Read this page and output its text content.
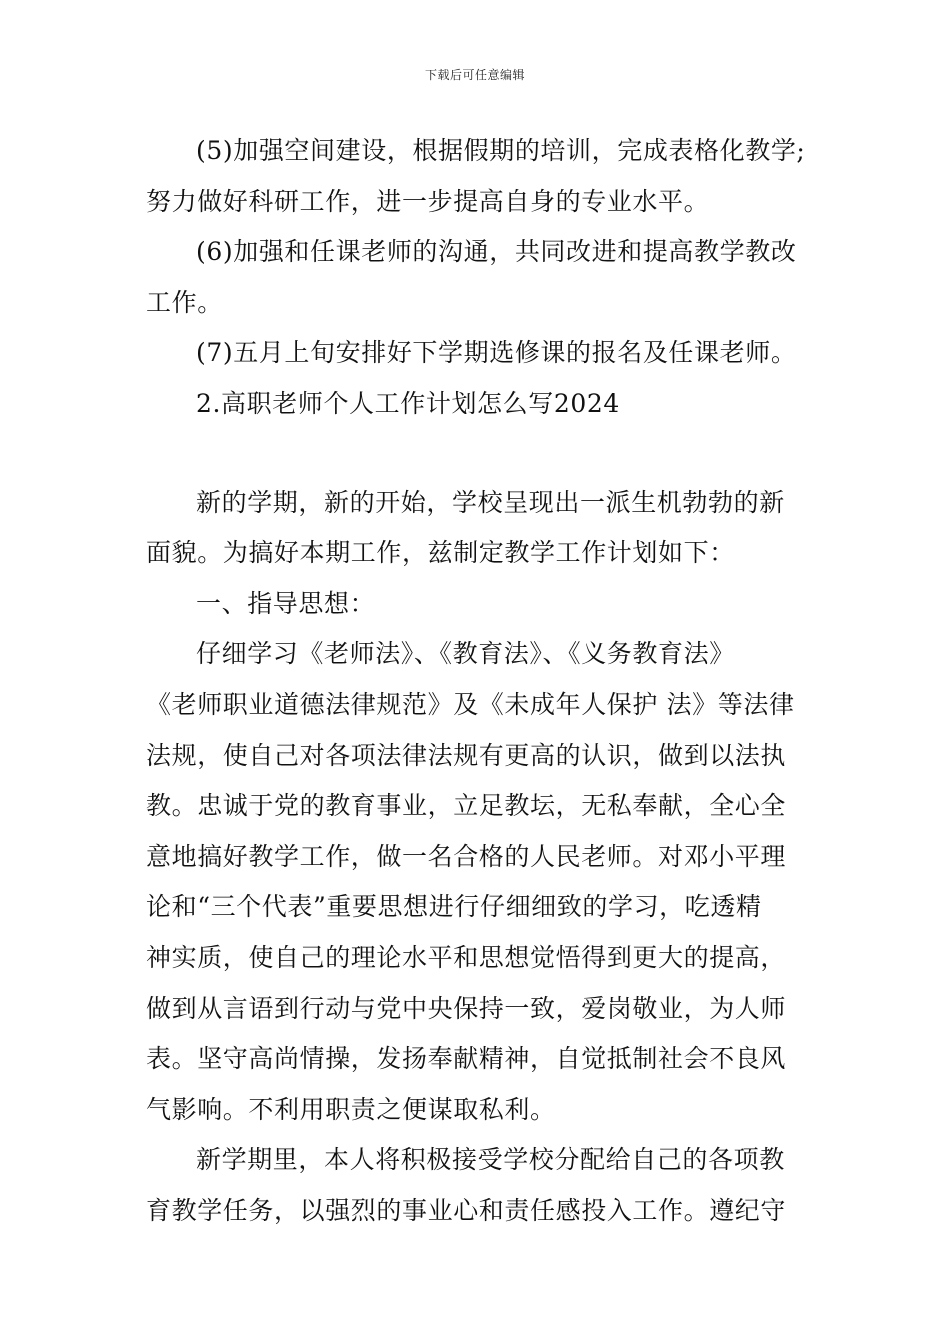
下载后可任意编辑
(5)加强空间建设，根据假期的培训，完成表格化教学;
努力做好科研工作，进一步提高自身的专业水平。
(6)加强和任课老师的沟通，共同改进和提高教学教改
工作。
(7)五月上旬安排好下学期选修课的报名及任课老师。
2.高职老师个人工作计划怎么写2024
新的学期，新的开始，学校呈现出一派生机勃勃的新
面貌。为搞好本期工作，兹制定教学工作计划如下：
一、指导思想：
仔细学习《老师法》、《教育法》、《义务教育法》
《老师职业道德法律规范》及《未成年人保护 法》等法律
法规，使自己对各项法律法规有更高的认识，做到以法执
教。忠诚于党的教育事业，立足教坛，无私奉献，全心全
意地搞好教学工作，做一名合格的人民老师。对邓小平理
论和“三个代表”重要思想进行仔细细致的学习，吃透精
神实质，使自己的理论水平和思想觉悟得到更大的提高，
做到从言语到行动与党中央保持一致，爱岗敬业，为人师
表。坚守高尚情操，发扬奉献精神，自觉抵制社会不良风
气影响。不利用职责之便谋取私利。
新学期里，本人将积极接受学校分配给自己的各项教
育教学任务，以强烈的事业心和责任感投入工作。遵纪守
